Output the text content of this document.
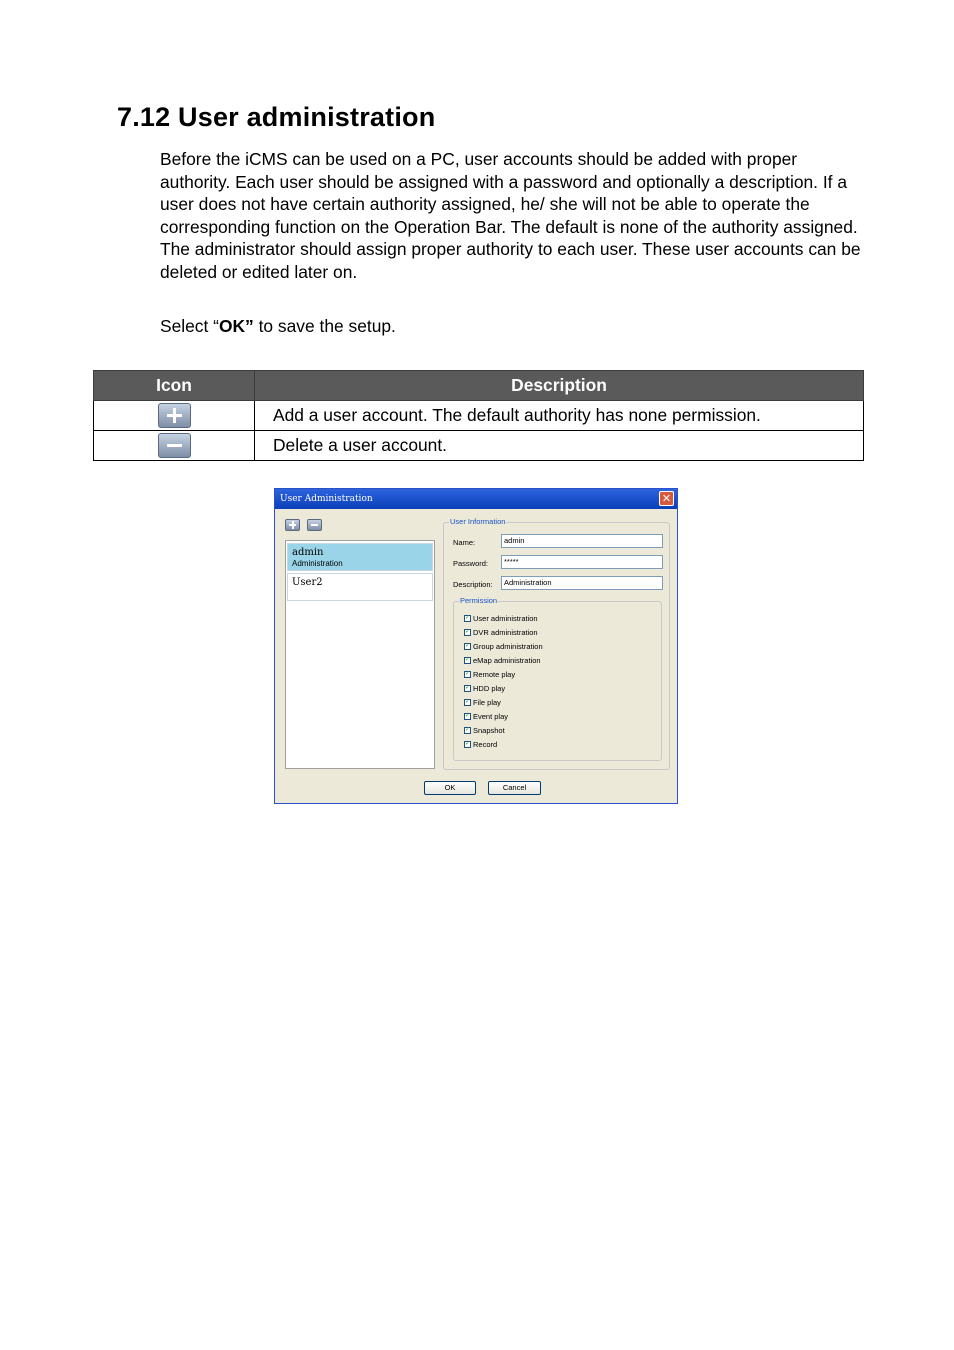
7.12 User administration

Before the iCMS can be used on a PC, user accounts should be added with proper authority. Each user should be assigned with a password and optionally a description. If a user does not have certain authority assigned, he/ she will not be able to operate the corresponding function on the Operation Bar. The default is none of the authority assigned. The administrator should assign proper authority to each user. These user accounts can be deleted or edited later on.

Select “OK” to save the setup.

Icon	Description

	Add a user account. The default authority has none permission.

	Delete a user account.
User Administration	✕
admin
Administration
User2
User Information
Name:	admin
Password:	*****
Description:	Administration
Permission
✓ User administration
✓ DVR administration
✓ Group administration
✓ eMap administration
✓ Remote play
✓ HDD play
✓ File play
✓ Event play
✓ Snapshot
✓ Record
OK	Cancel
